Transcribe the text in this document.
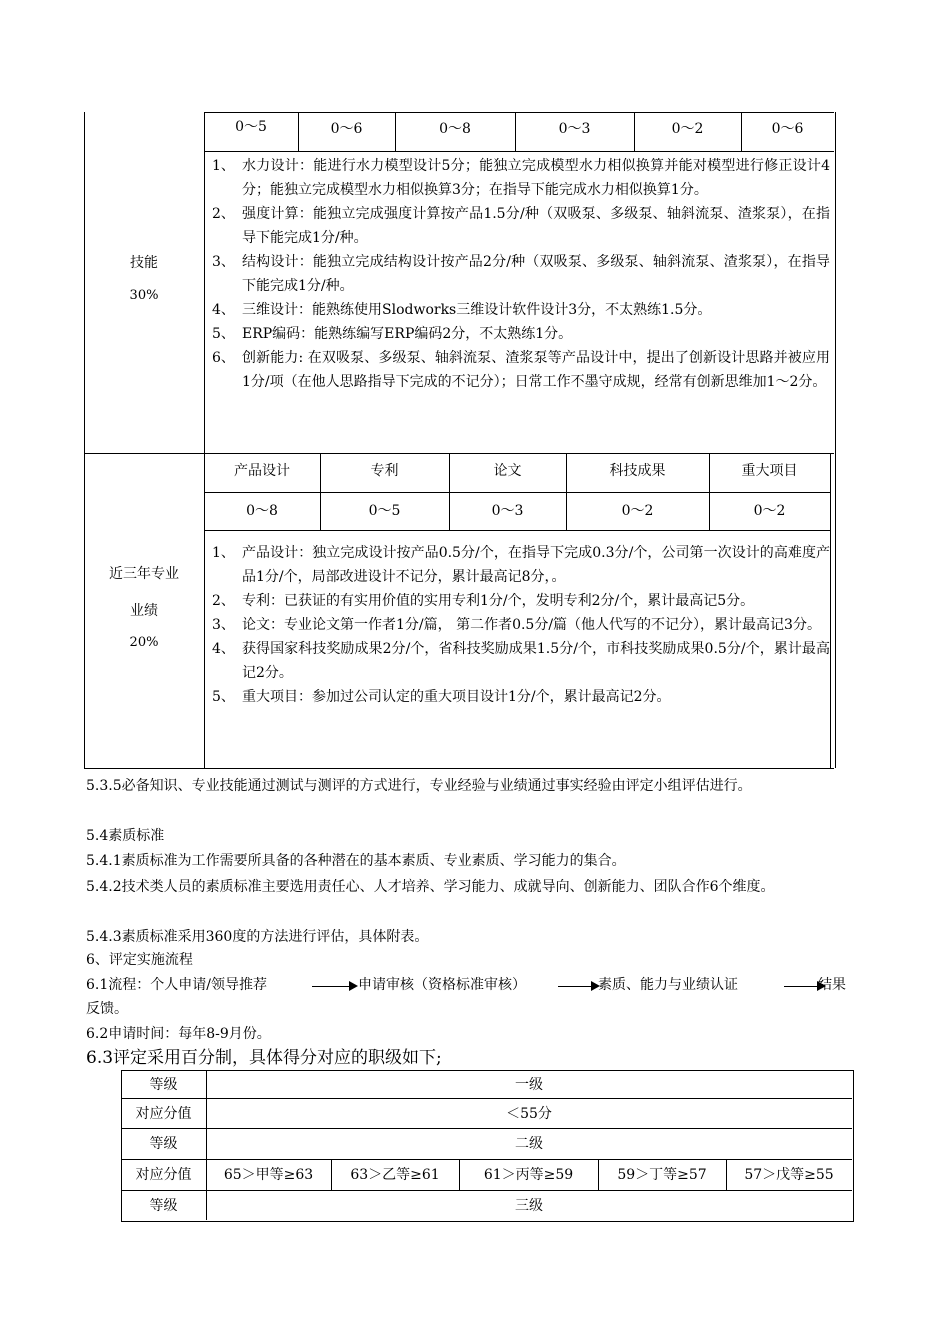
0～5	0～6	0～8	0～3	0～2	0～6
技能
30%
1、 水力设计：能进行水力模型设计5分；能独立完成模型水力相似换算并能对模型进行修正设计4分；能独立完成模型水力相似换算3分；在指导下能完成水力相似换算1分。
2、 强度计算：能独立完成强度计算按产品1.5分/种（双吸泵、多级泵、轴斜流泵、渣浆泵），在指导下能完成1分/种。
3、 结构设计：能独立完成结构设计按产品2分/种（双吸泵、多级泵、轴斜流泵、渣浆泵），在指导下能完成1分/种。
4、 三维设计：能熟练使用Slodworks三维设计软件设计3分，不太熟练1.5分。
5、 ERP编码：能熟练编写ERP编码2分，不太熟练1分。
6、 创新能力: 在双吸泵、多级泵、轴斜流泵、渣浆泵等产品设计中，提出了创新设计思路并被应用1分/项（在他人思路指导下完成的不记分）；日常工作不墨守成规，经常有创新思维加1～2分。
产品设计	专利	论文	科技成果	重大项目
0～8	0～5	0～3	0～2	0～2
近三年专业
业绩
20%
1、 产品设计：独立完成设计按产品0.5分/个，在指导下完成0.3分/个，公司第一次设计的高难度产品1分/个，局部改进设计不记分，累计最高记8分，。
2、 专利：已获证的有实用价值的实用专利1分/个，发明专利2分/个，累计最高记5分。
3、 论文：专业论文第一作者1分/篇， 第二作者0.5分/篇（他人代写的不记分），累计最高记3分。
4、 获得国家科技奖励成果2分/个，省科技奖励成果1.5分/个，市科技奖励成果0.5分/个，累计最高记2分。
5、 重大项目：参加过公司认定的重大项目设计1分/个，累计最高记2分。
5.3.5必备知识、专业技能通过测试与测评的方式进行，专业经验与业绩通过事实经验由评定小组评估进行。
5.4素质标准
5.4.1素质标准为工作需要所具备的各种潜在的基本素质、专业素质、学习能力的集合。
5.4.2技术类人员的素质标准主要选用责任心、人才培养、学习能力、成就导向、创新能力、团队合作6个维度。
5.4.3素质标准采用360度的方法进行评估，具体附表。
6、评定实施流程
6.1流程：个人申请/领导推荐	申请审核（资格标准审核）	素质、能力与业绩认证	结果
反馈。
6.2申请时间：每年8-9月份。
6.3评定采用百分制，具体得分对应的职级如下;
等级	一级
对应分值	＜55分
等级	二级
对应分值	65＞甲等≥63	63＞乙等≥61	61＞丙等≥59	59＞丁等≥57	57＞戊等≥55
等级	三级
